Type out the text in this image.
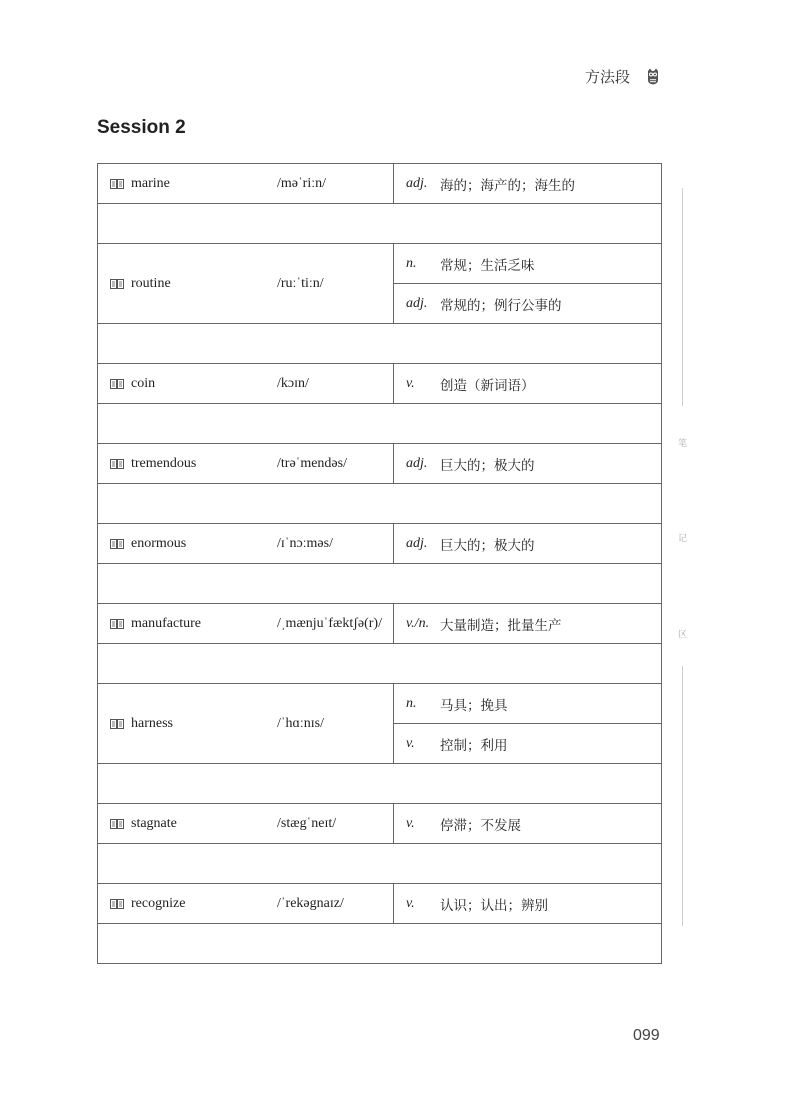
方法段
Session 2
marine /məˈriːn/	adj. 海的；海产的；海生的

routine /ruːˈtiːn/	n. 常规；生活乏味

	adj. 常规的；例行公事的

coin /kɔɪn/	v. 创造（新词语）

tremendous /trəˈmendəs/	adj. 巨大的；极大的

enormous /ɪˈnɔːməs/	adj. 巨大的；极大的

manufacture /ˌmænjuˈfæktʃə(r)/	v./n. 大量制造；批量生产

harness /ˈhɑːnɪs/	n. 马具；挽具

	v. 控制；利用

stagnate /stægˈneɪt/	v. 停滞；不发展

recognize /ˈrekəgnaɪz/	v. 认识；认出；辨别

笔
记
区
099
